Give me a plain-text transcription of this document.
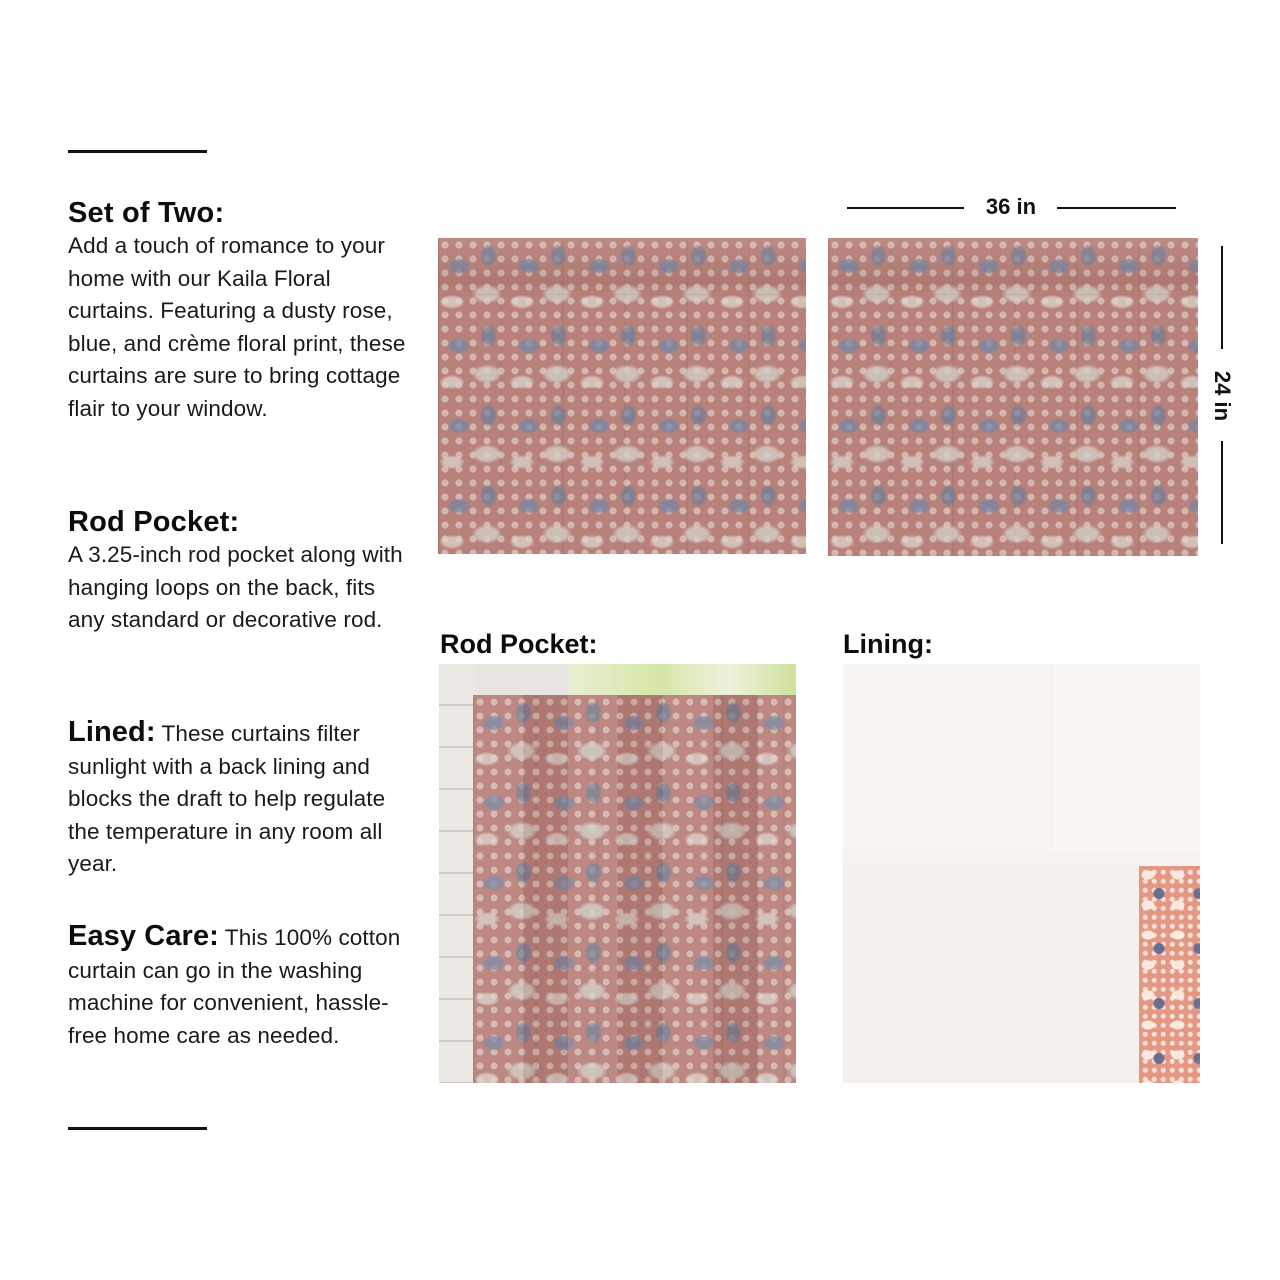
Set of Two:
Add a touch of romance to your home with our Kaila Floral curtains. Featuring a dusty rose, blue, and crème floral print, these curtains are sure to bring cottage flair to your window.
Rod Pocket:
A 3.25-inch rod pocket along with hanging loops on the back, fits any standard or decorative rod.
Lined: These curtains filter sunlight with a back lining and blocks the draft to help regulate the temperature in any room all year.
Easy Care: This 100% cotton curtain can go in the washing machine for convenient, hassle-free home care as needed.
36 in
24 in
Rod Pocket:	Lining:
